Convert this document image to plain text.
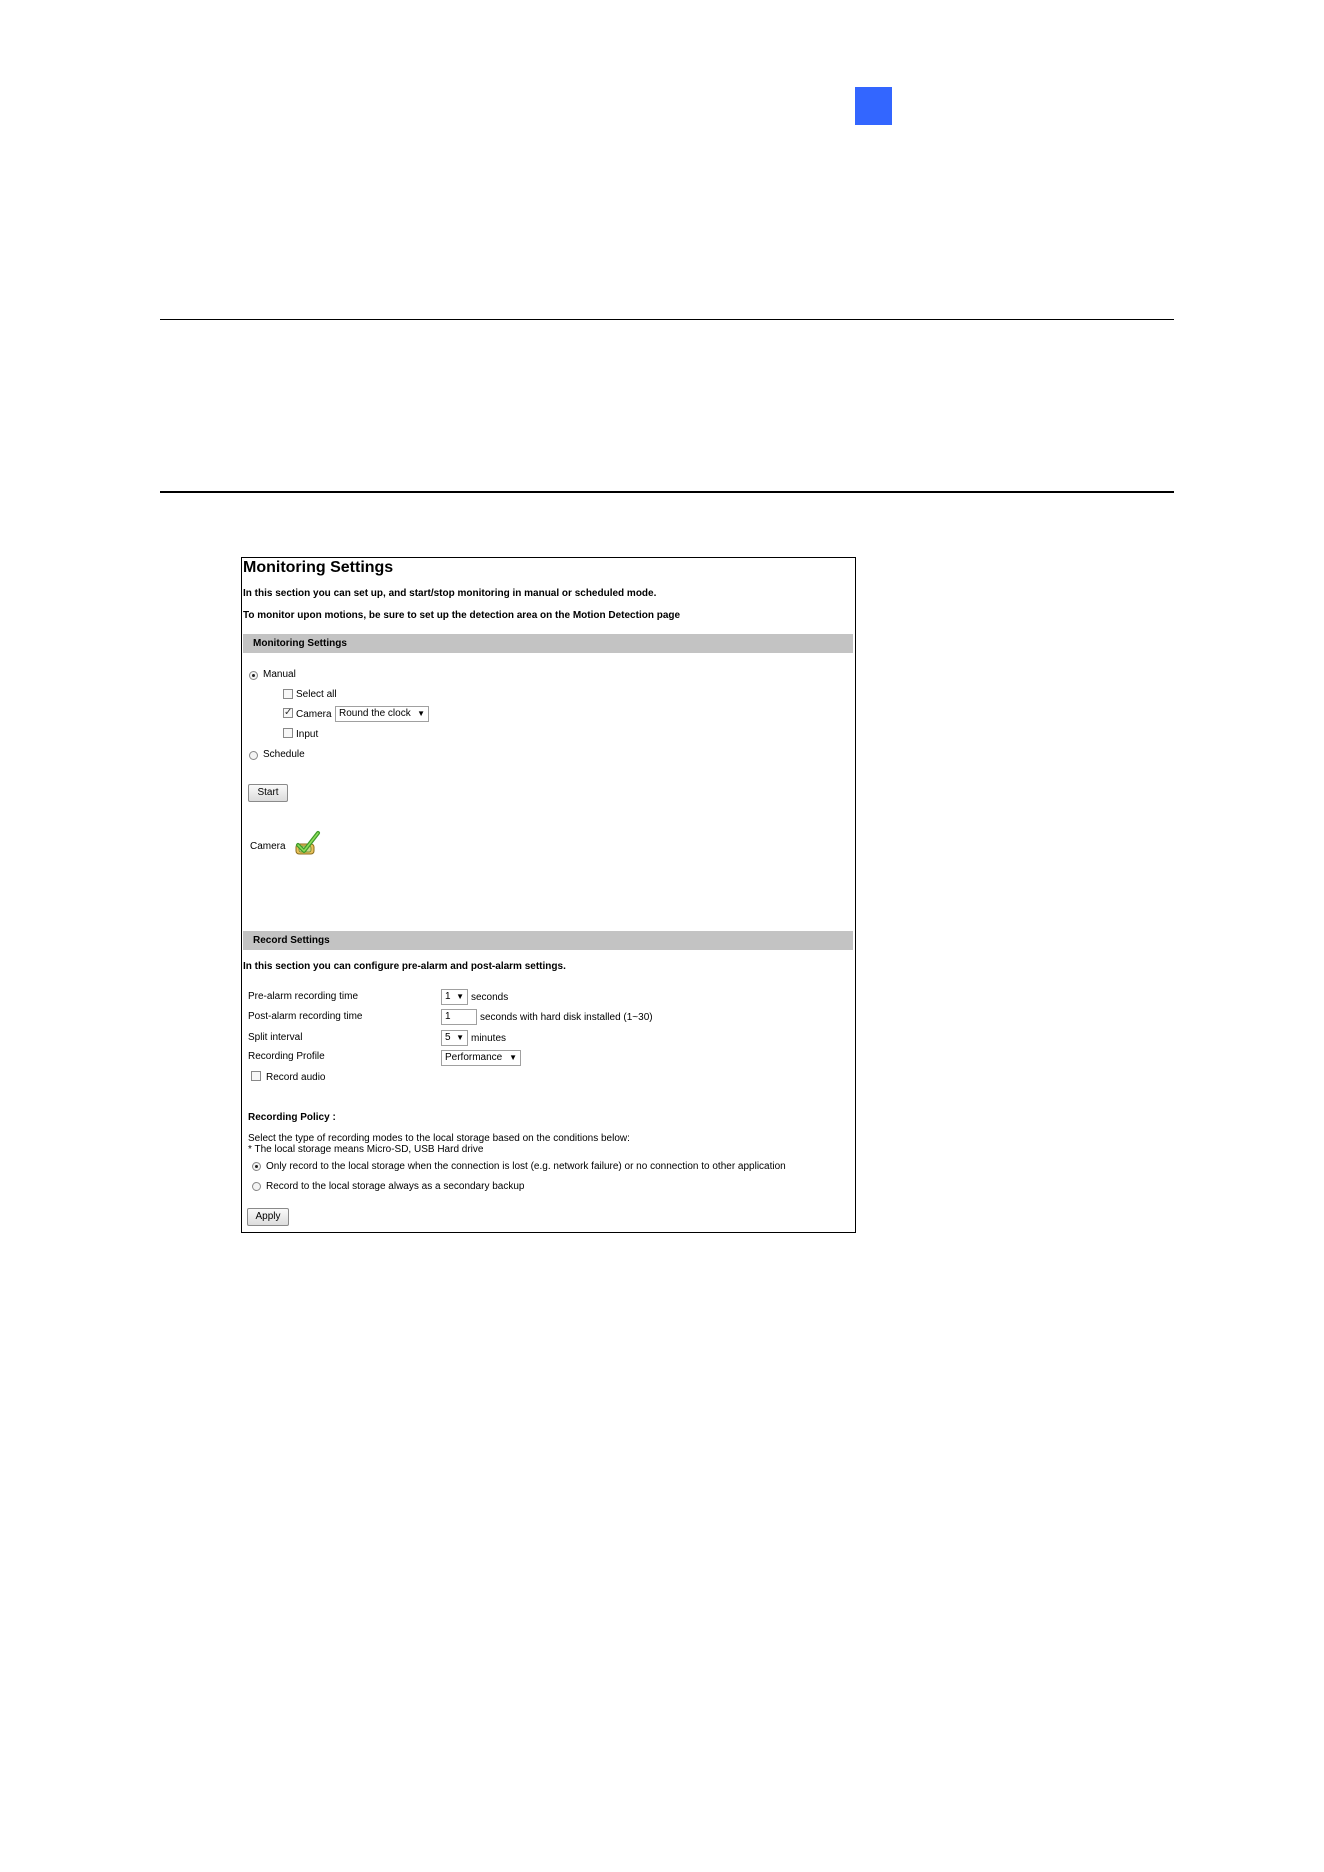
Monitoring Settings
In this section you can set up, and start/stop monitoring in manual or scheduled mode.
To monitor upon motions, be sure to set up the detection area on the Motion Detection page
Monitoring Settings
Manual
Select all
✓ Camera Round the clock ▼
Input
Schedule
Start
Camera
Record Settings
In this section you can configure pre-alarm and post-alarm settings.
Pre-alarm recording time	1 ▼ seconds
Post-alarm recording time	1	seconds with hard disk installed (1~30)
Split interval	5 ▼ minutes
Recording Profile	Performance ▼
Record audio
Recording Policy :
Select the type of recording modes to the local storage based on the conditions below:
* The local storage means Micro-SD, USB Hard drive
Only record to the local storage when the connection is lost (e.g. network failure) or no connection to other application
Record to the local storage always as a secondary backup
Apply
